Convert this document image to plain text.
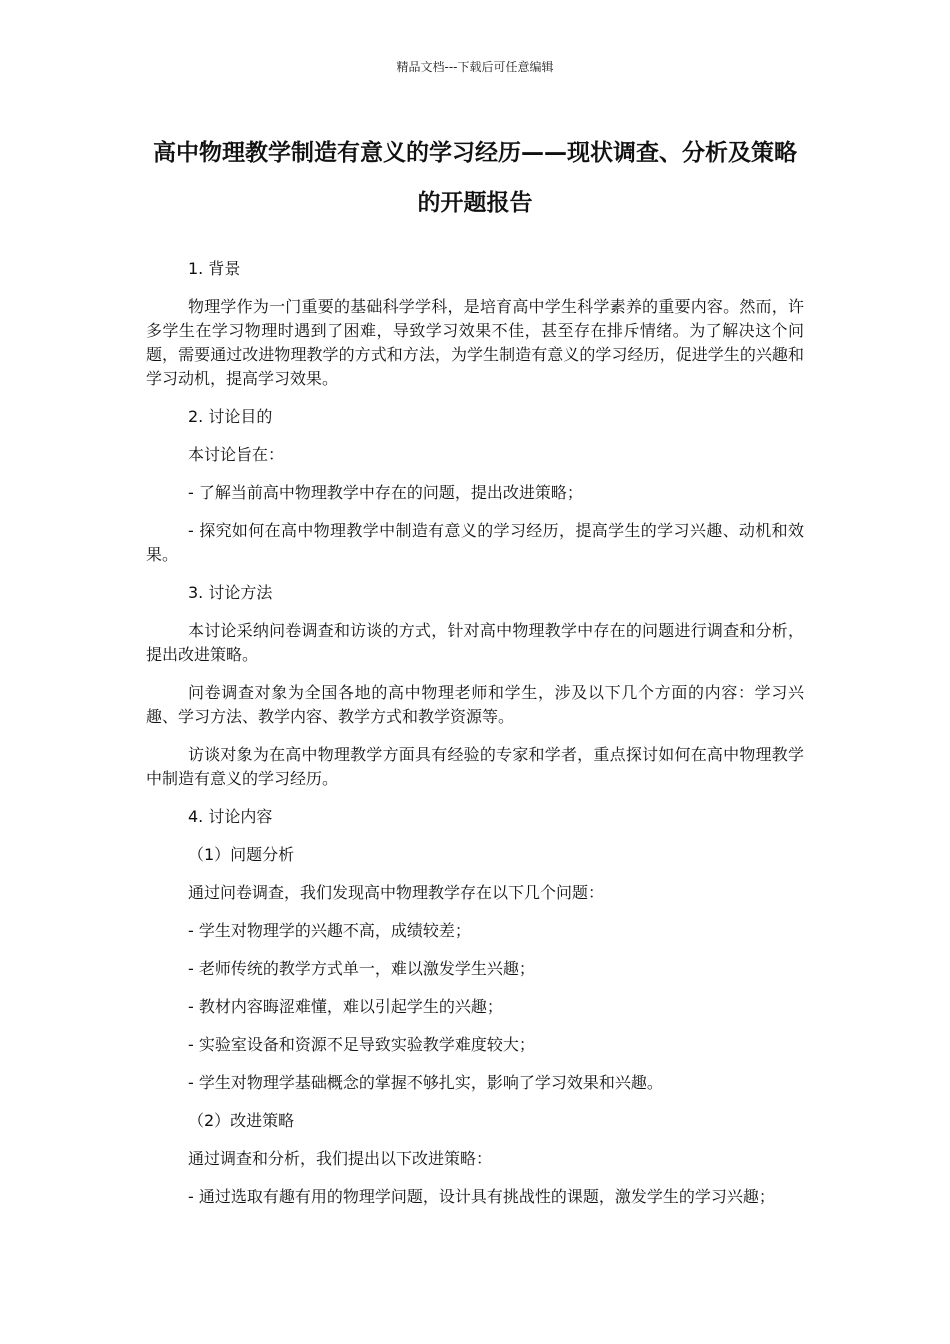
精品文档---下载后可任意编辑
高中物理教学制造有意义的学习经历——现状调查、分析及策略的开题报告

1. 背景

物理学作为一门重要的基础科学学科，是培育高中学生科学素养的重要内容。然而，许多学生在学习物理时遇到了困难，导致学习效果不佳，甚至存在排斥情绪。为了解决这个问题，需要通过改进物理教学的方式和方法，为学生制造有意义的学习经历，促进学生的兴趣和学习动机，提高学习效果。

2. 讨论目的

本讨论旨在：

- 了解当前高中物理教学中存在的问题，提出改进策略；

- 探究如何在高中物理教学中制造有意义的学习经历，提高学生的学习兴趣、动机和效果。

3. 讨论方法

本讨论采纳问卷调查和访谈的方式，针对高中物理教学中存在的问题进行调查和分析，提出改进策略。

问卷调查对象为全国各地的高中物理老师和学生，涉及以下几个方面的内容：学习兴趣、学习方法、教学内容、教学方式和教学资源等。

访谈对象为在高中物理教学方面具有经验的专家和学者，重点探讨如何在高中物理教学中制造有意义的学习经历。

4. 讨论内容

（1）问题分析

通过问卷调查，我们发现高中物理教学存在以下几个问题：

- 学生对物理学的兴趣不高，成绩较差；

- 老师传统的教学方式单一，难以激发学生兴趣；

- 教材内容晦涩难懂，难以引起学生的兴趣；

- 实验室设备和资源不足导致实验教学难度较大；

- 学生对物理学基础概念的掌握不够扎实，影响了学习效果和兴趣。

（2）改进策略

通过调查和分析，我们提出以下改进策略：

- 通过选取有趣有用的物理学问题，设计具有挑战性的课题，激发学生的学习兴趣；
